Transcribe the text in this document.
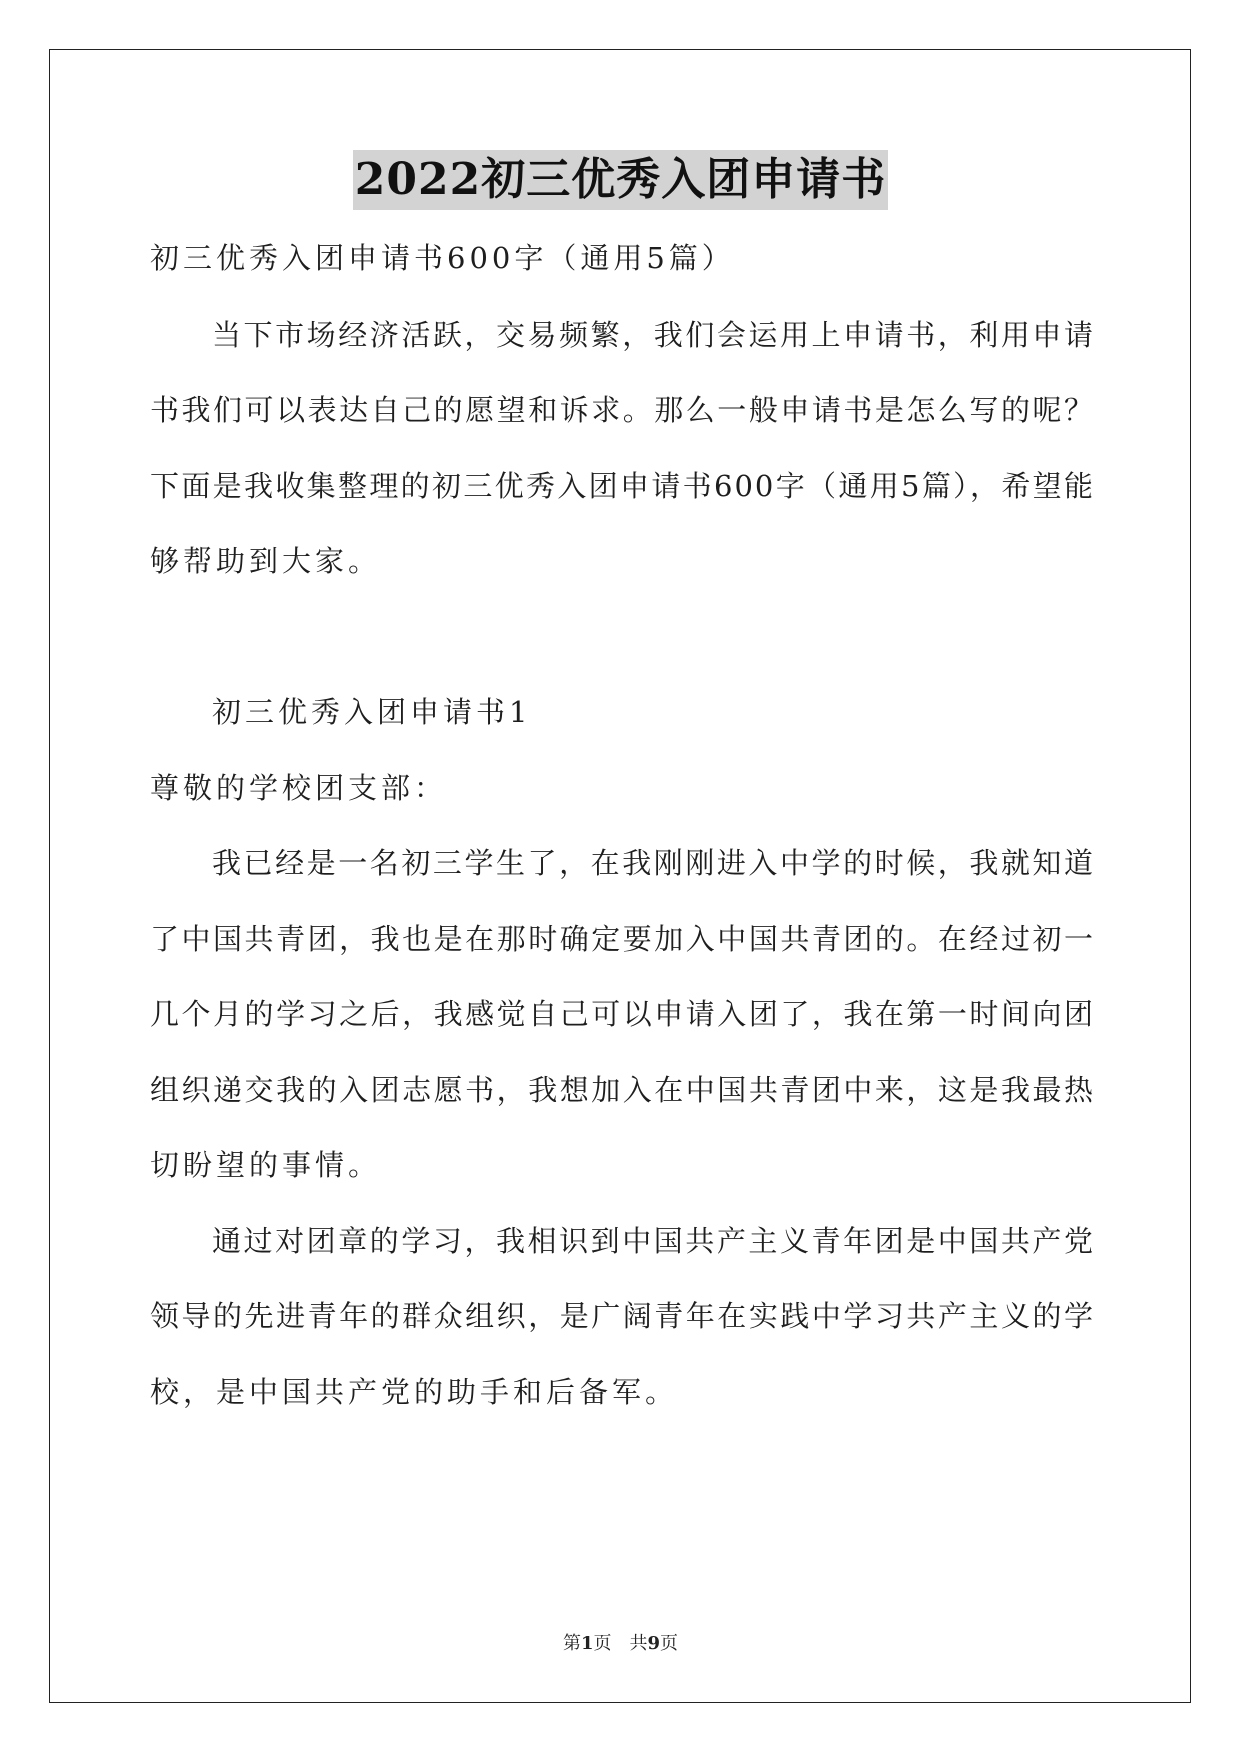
2022初三优秀入团申请书
初三优秀入团申请书600字（通用5篇）
当下市场经济活跃，交易频繁，我们会运用上申请书，利用申请
书我们可以表达自己的愿望和诉求。那么一般申请书是怎么写的呢？
下面是我收集整理的初三优秀入团申请书600字（通用5篇），希望能
够帮助到大家。
初三优秀入团申请书1
尊敬的学校团支部：
我已经是一名初三学生了，在我刚刚进入中学的时候，我就知道
了中国共青团，我也是在那时确定要加入中国共青团的。在经过初一
几个月的学习之后，我感觉自己可以申请入团了，我在第一时间向团
组织递交我的入团志愿书，我想加入在中国共青团中来，这是我最热
切盼望的事情。
通过对团章的学习，我相识到中国共产主义青年团是中国共产党
领导的先进青年的群众组织，是广阔青年在实践中学习共产主义的学
校，是中国共产党的助手和后备军。
第1页　共9页
